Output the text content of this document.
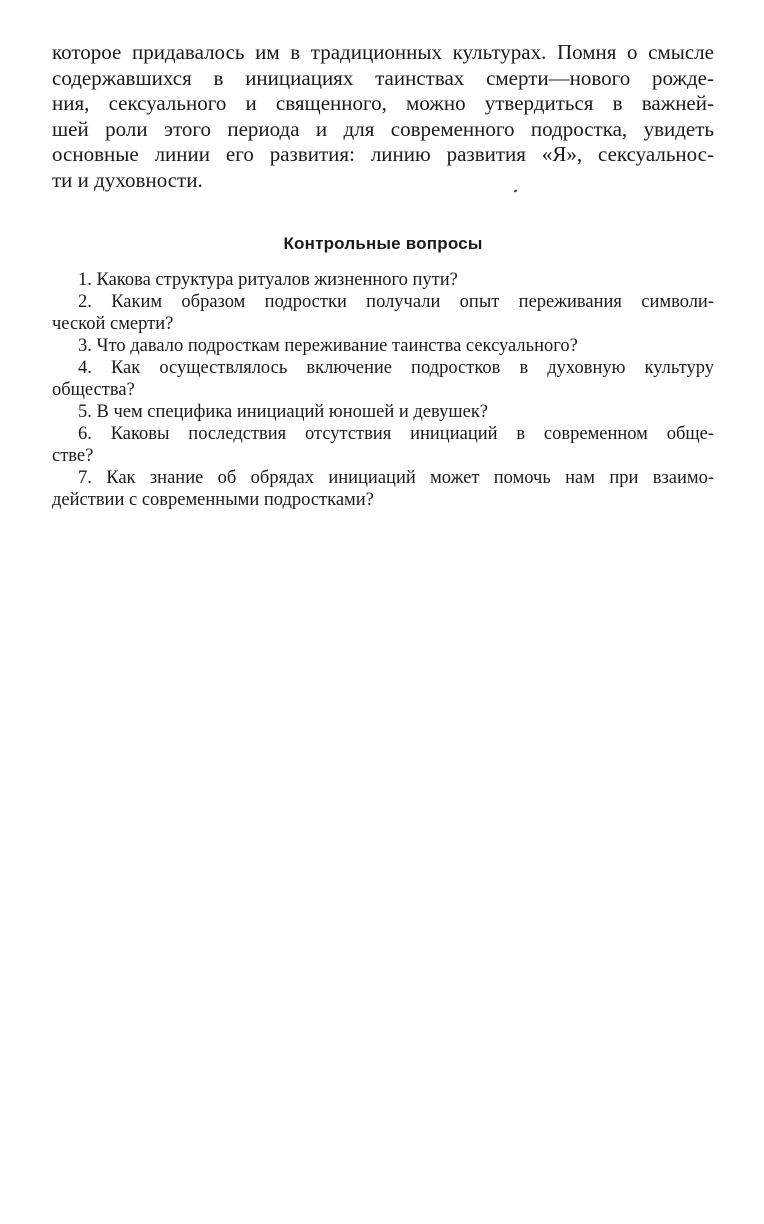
которое придавалось им в традиционных культурах. Помня о смысле
содержавшихся в инициациях таинствах смерти—нового рожде-
ния, сексуального и священного, можно утвердиться в важней-
шей роли этого периода и для современного подростка, увидеть
основные линии его развития: линию развития «Я», сексуальнос-
ти и духовности.

Контрольные вопросы
1. Какова структура ритуалов жизненного пути?
2. Каким образом подростки получали опыт переживания символи-
ческой смерти?
3. Что давало подросткам переживание таинства сексуального?
4. Как осуществлялось включение подростков в духовную культуру
общества?
5. В чем специфика инициаций юношей и девушек?
6. Каковы последствия отсутствия инициаций в современном обще-
стве?
7. Как знание об обрядах инициаций может помочь нам при взаимо-
действии с современными подростками?
